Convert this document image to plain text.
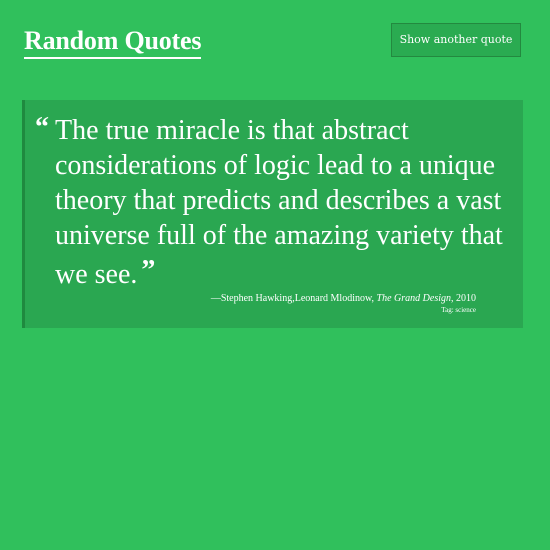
Random Quotes	Show another quote
“ The true miracle is that abstract considerations of logic lead to a unique theory that predicts and describes a vast universe full of the amazing variety that we see. ”

—Stephen Hawking,Leonard Mlodinow, The Grand Design, 2010
Tag: science
